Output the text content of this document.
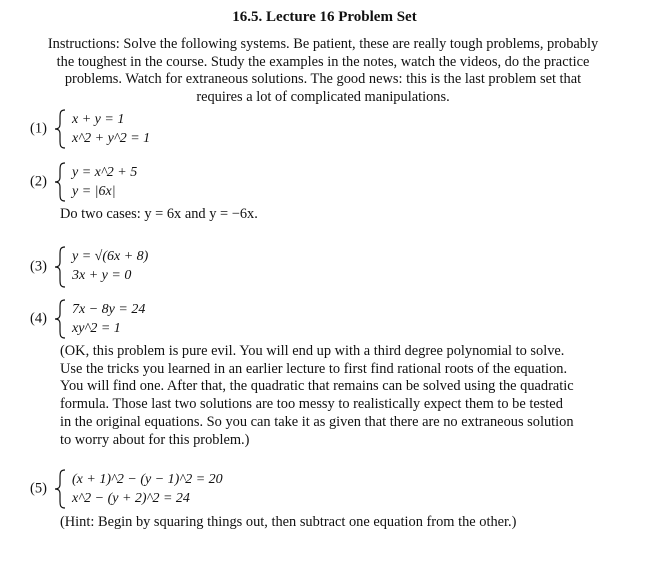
16.5. Lecture 16 Problem Set
Instructions: Solve the following systems. Be patient, these are really tough problems, probably
the toughest in the course. Study the examples in the notes, watch the videos, do the practice
problems. Watch for extraneous solutions. The good news: this is the last problem set that
requires a lot of complicated manipulations.
(1)
x + y = 1
x^2 + y^2 = 1
(2)
y = x^2 + 5
y = |6x|
Do two cases: y = 6x and y = −6x.
(3)
y = √(6x + 8)
3x + y = 0
(4)
7x − 8y = 24
xy^2 = 1
(OK, this problem is pure evil. You will end up with a third degree polynomial to solve.
Use the tricks you learned in an earlier lecture to first find rational roots of the equation.
You will find one. After that, the quadratic that remains can be solved using the quadratic
formula. Those last two solutions are too messy to realistically expect them to be tested
in the original equations. So you can take it as given that there are no extraneous solution
to worry about for this problem.)
(5)
(x + 1)^2 − (y − 1)^2 = 20
x^2 − (y + 2)^2 = 24
(Hint: Begin by squaring things out, then subtract one equation from the other.)
